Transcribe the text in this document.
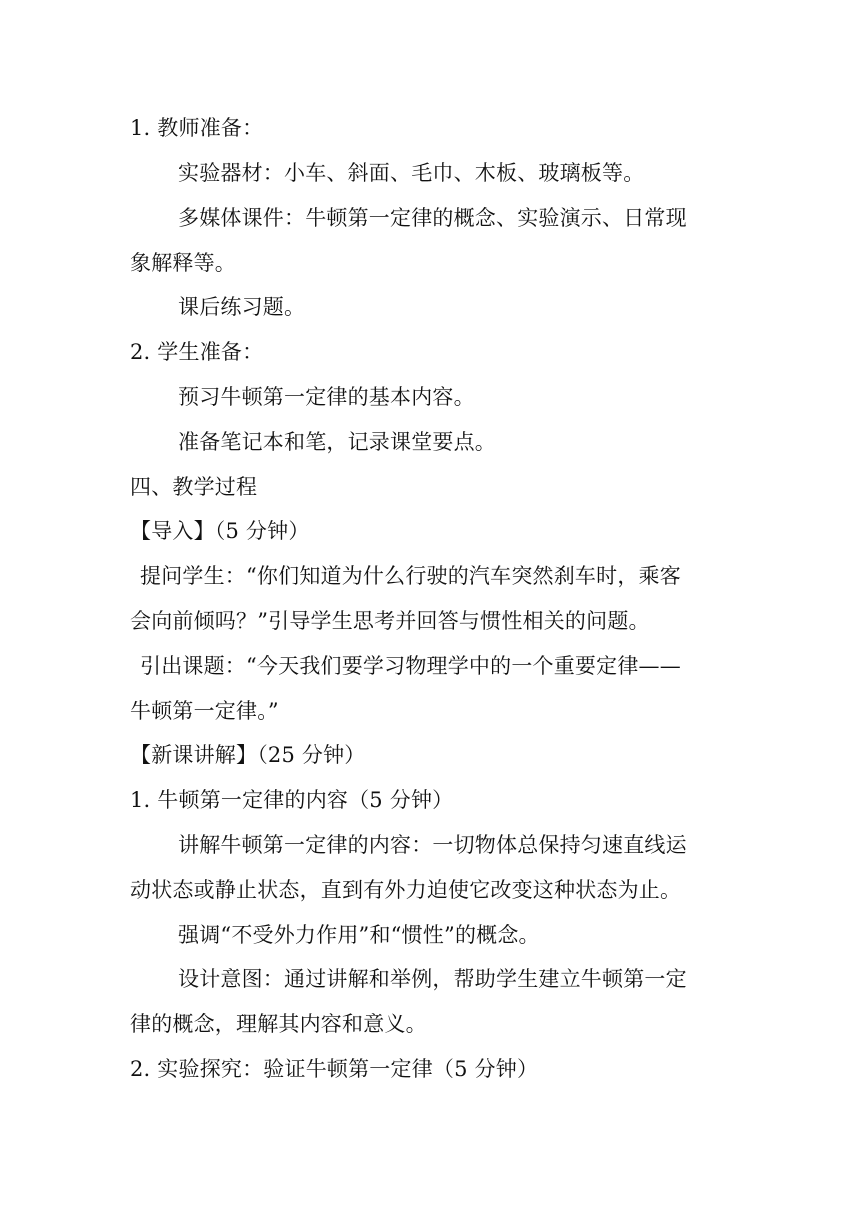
1. 教师准备：
实验器材：小车、斜面、毛巾、木板、玻璃板等。
多媒体课件：牛顿第一定律的概念、实验演示、日常现
象解释等。
课后练习题。
2. 学生准备：
预习牛顿第一定律的基本内容。
准备笔记本和笔，记录课堂要点。
四、教学过程
【导入】（5 分钟）
提问学生：“你们知道为什么行驶的汽车突然刹车时，乘客
会向前倾吗？”引导学生思考并回答与惯性相关的问题。
引出课题：“今天我们要学习物理学中的一个重要定律——
牛顿第一定律。”
【新课讲解】（25 分钟）
1. 牛顿第一定律的内容（5 分钟）
讲解牛顿第一定律的内容：一切物体总保持匀速直线运
动状态或静止状态，直到有外力迫使它改变这种状态为止。
强调“不受外力作用”和“惯性”的概念。
设计意图：通过讲解和举例，帮助学生建立牛顿第一定
律的概念，理解其内容和意义。
2. 实验探究：验证牛顿第一定律（5 分钟）
